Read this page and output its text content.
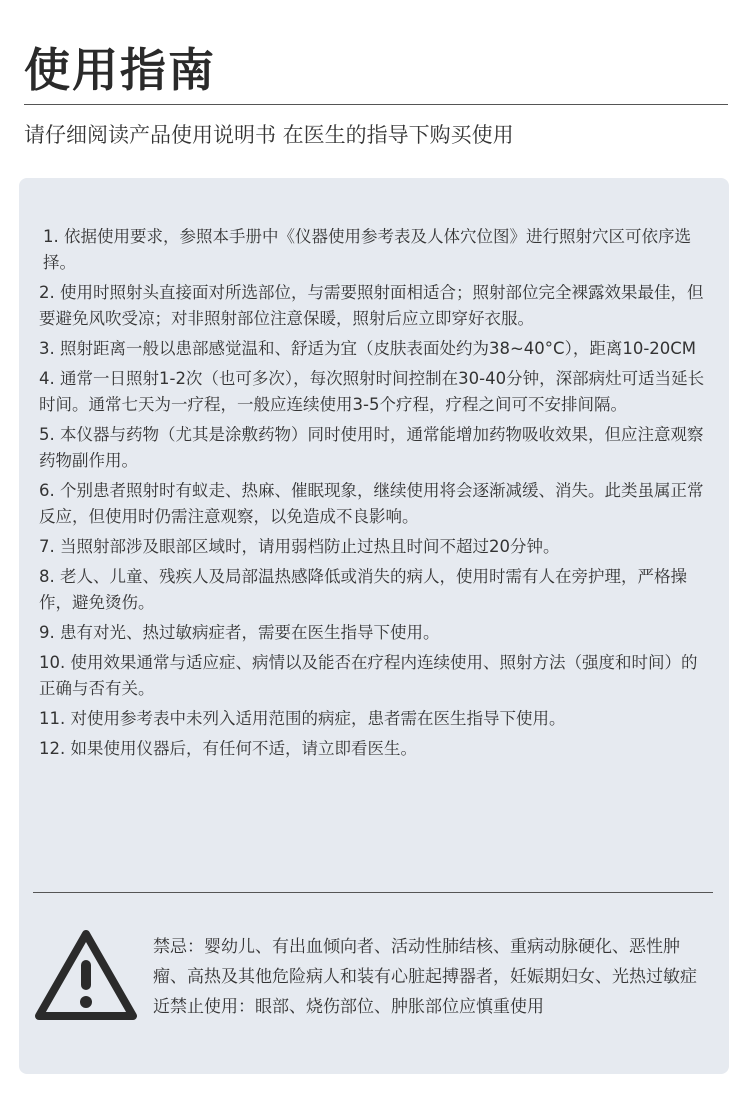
使用指南

请仔细阅读产品使用说明书 在医生的指导下购买使用

1. 依据使用要求，参照本手册中《仪器使用参考表及人体穴位图》进行照射穴区可依序选择。
2. 使用时照射头直接面对所选部位，与需要照射面相适合；照射部位完全裸露效果最佳，但要避免风吹受凉；对非照射部位注意保暖，照射后应立即穿好衣服。
3. 照射距离一般以患部感觉温和、舒适为宜（皮肤表面处约为38~40°C），距离10-20CM
4. 通常一日照射1-2次（也可多次），每次照射时间控制在30-40分钟，深部病灶可适当延长时间。通常七天为一疗程，一般应连续使用3-5个疗程，疗程之间可不安排间隔。
5. 本仪器与药物（尤其是涂敷药物）同时使用时，通常能增加药物吸收效果，但应注意观察药物副作用。
6. 个别患者照射时有蚁走、热麻、催眠现象，继续使用将会逐渐减缓、消失。此类虽属正常反应，但使用时仍需注意观察，以免造成不良影响。
7. 当照射部涉及眼部区域时，请用弱档防止过热且时间不超过20分钟。
8. 老人、儿童、残疾人及局部温热感降低或消失的病人，使用时需有人在旁护理，严格操作，避免烫伤。
9. 患有对光、热过敏病症者，需要在医生指导下使用。
10. 使用效果通常与适应症、病情以及能否在疗程内连续使用、照射方法（强度和时间）的正确与否有关。
11. 对使用参考表中未列入适用范围的病症，患者需在医生指导下使用。
12. 如果使用仪器后，有任何不适，请立即看医生。

禁忌：婴幼儿、有出血倾向者、活动性肺结核、重病动脉硬化、恶性肿瘤、高热及其他危险病人和装有心脏起搏器者，妊娠期妇女、光热过敏症近禁止使用：眼部、烧伤部位、肿胀部位应慎重使用
